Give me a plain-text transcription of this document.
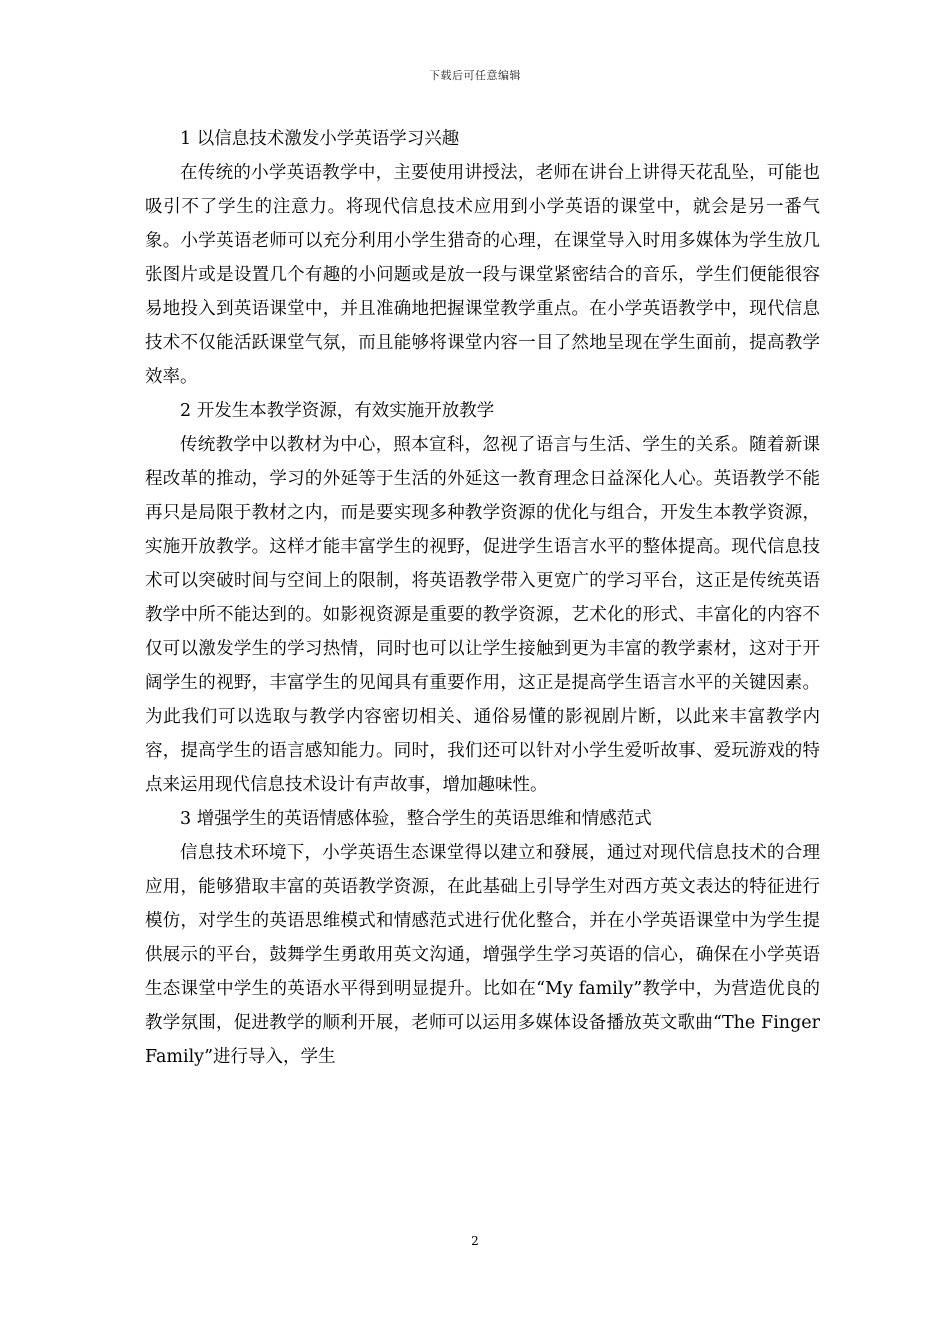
下载后可任意编辑

1 以信息技术激发小学英语学习兴趣

在传统的小学英语教学中，主要使用讲授法，老师在讲台上讲得天花乱坠，可能也吸引不了学生的注意力。将现代信息技术应用到小学英语的课堂中，就会是另一番气象。小学英语老师可以充分利用小学生猎奇的心理，在课堂导入时用多媒体为学生放几张图片或是设置几个有趣的小问题或是放一段与课堂紧密结合的音乐，学生们便能很容易地投入到英语课堂中，并且准确地把握课堂教学重点。在小学英语教学中，现代信息技术不仅能活跃课堂气氛，而且能够将课堂内容一目了然地呈现在学生面前，提高教学效率。

2 开发生本教学资源，有效实施开放教学

传统教学中以教材为中心，照本宣科，忽视了语言与生活、学生的关系。随着新课程改革的推动，学习的外延等于生活的外延这一教育理念日益深化人心。英语教学不能再只是局限于教材之内，而是要实现多种教学资源的优化与组合，开发生本教学资源，实施开放教学。这样才能丰富学生的视野，促进学生语言水平的整体提高。现代信息技术可以突破时间与空间上的限制，将英语教学带入更宽广的学习平台，这正是传统英语教学中所不能达到的。如影视资源是重要的教学资源，艺术化的形式、丰富化的内容不仅可以激发学生的学习热情，同时也可以让学生接触到更为丰富的教学素材，这对于开阔学生的视野，丰富学生的见闻具有重要作用，这正是提高学生语言水平的关键因素。为此我们可以选取与教学内容密切相关、通俗易懂的影视剧片断，以此来丰富教学内容，提高学生的语言感知能力。同时，我们还可以针对小学生爱听故事、爱玩游戏的特点来运用现代信息技术设计有声故事，增加趣味性。

3 增强学生的英语情感体验，整合学生的英语思维和情感范式

信息技术环境下，小学英语生态课堂得以建立和發展，通过对现代信息技术的合理应用，能够猎取丰富的英语教学资源，在此基础上引导学生对西方英文表达的特征进行模仿，对学生的英语思维模式和情感范式进行优化整合，并在小学英语课堂中为学生提供展示的平台，鼓舞学生勇敢用英文沟通，增强学生学习英语的信心，确保在小学英语生态课堂中学生的英语水平得到明显提升。比如在“My family”教学中，为营造优良的教学氛围，促进教学的顺利开展，老师可以运用多媒体设备播放英文歌曲“The Finger Family”进行导入，学生

2
